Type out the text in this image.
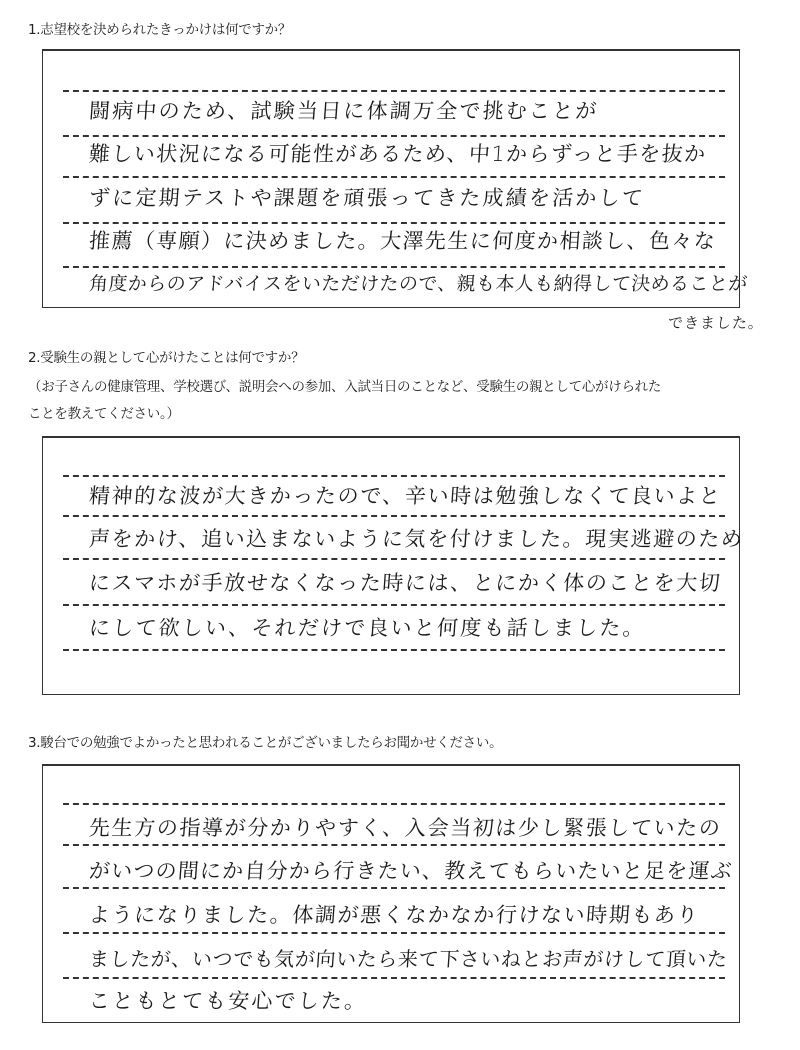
1.志望校を決められたきっかけは何ですか？
闘病中のため、試験当日に体調万全で挑むことが
難しい状況になる可能性があるため、中1からずっと手を抜か
ずに定期テストや課題を頑張ってきた成績を活かして
推薦（専願）に決めました。大澤先生に何度か相談し、色々な
角度からのアドバイスをいただけたので、親も本人も納得して決めることが
できました。
2.受験生の親として心がけたことは何ですか？
（お子さんの健康管理、学校選び、説明会への参加、入試当日のことなど、受験生の親として心がけられた
ことを教えてください。）
精神的な波が大きかったので、辛い時は勉強しなくて良いよと
声をかけ、追い込まないように気を付けました。現実逃避のため
にスマホが手放せなくなった時には、とにかく体のことを大切
にして欲しい、それだけで良いと何度も話しました。
3.駿台での勉強でよかったと思われることがございましたらお聞かせください。
先生方の指導が分かりやすく、入会当初は少し緊張していたの
がいつの間にか自分から行きたい、教えてもらいたいと足を運ぶ
ようになりました。体調が悪くなかなか行けない時期もあり
ましたが、いつでも気が向いたら来て下さいねとお声がけして頂いた
こともとても安心でした。
